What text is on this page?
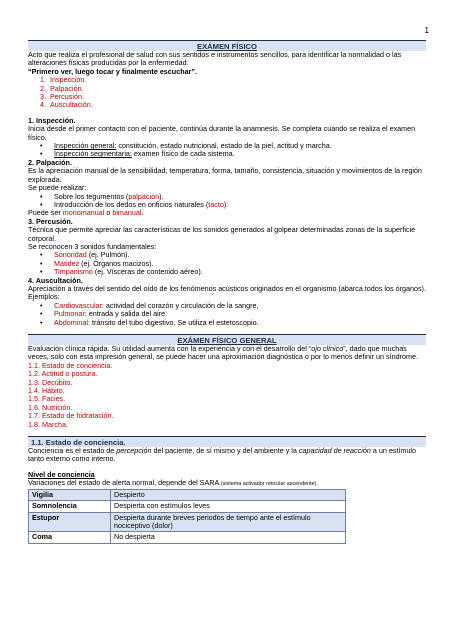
1
EXÁMEN FÍSICO

Acto que realiza el profesional de salud con sus sentidos e instrumentos sencillos, para identificar la normalidad o las alteraciones físicas producidas por la enfermedad.

“Primero ver, luego tocar y finalmente escuchar”.

1. Inspección.
2. Palpación.
3. Percusión.
4. Auscultación.

1. Inspección.

Inicia desde el primer contacto con el paciente, continúa durante la anamnesis. Se completa cuando se realiza el examen físico.

• Inspección general: constitución, estado nutricional, estado de la piel, actitud y marcha.
• Inspección segmentaria: examen físico de cada sistema.

2. Palpación.

Es la apreciación manual de la sensibilidad, temperatura, forma, tamaño, consistencia, situación y movimientos de la región explorada.

Se puede realizar:

• Sobre los tegumentos (palpación).
• Introducción de los dedos en orificios naturales (tacto).

Puede ser monomanual o bimanual.

3. Percusión.

Técnica que permite apreciar las características de los sonidos generados al golpear determinadas zonas de la superficie corporal.

Se reconocen 3 sonidos fundamentales:

• Sonoridad (ej. Pulmón).
• Matidez (ej. Órganos macizos).
• Timpanismo (ej. Vísceras de contenido aéreo).

4. Auscultación.

Apreciación a través del sentido del oído de los fenómenos acústicos originados en el organismo (abarca todos los órganos). Ejemplos:

• Cardiovascular: actividad del corazón y circulación de la sangre,
• Pulmonar: entrada y salida del aire.
• Abdominal: tránsito del tubo digestivo. Se utiliza el estetoscopio.
EXÁMEN FÍSICO GENERAL

Evaluación clínica rápida. Su utilidad aumenta con la experiencia y con el desarrollo del “ojo clínico”, dado que muchas veces, solo con esta impresión general, se puede hacer una aproximación diagnóstica o por lo menos definir un síndrome.

1.1. Estado de conciencia.

1.2. Actitud o postura.

1.3. Decúbito.

1.4. Hábito.

1.5. Facies.

1.6. Nutrición.

1.7. Estado de hidratación.

1.8. Marcha.

1.1. Estado de conciencia.

Conciencia es el estado de percepción del paciente, de sí mismo y del ambiente y la capacidad de reacción a un estímulo tanto externo como interno.

Nivel de conciencia

Variaciones del estado de alerta normal, depende del SARA (sistema activador reticular ascendente).

Vigilia	Despierto
Somnolencia	Despierta con estímulos leves
Estupor	Despierta durante breves periodos de tiempo ante el estímulo nociceptivo (dolor)
Coma	No despierta
